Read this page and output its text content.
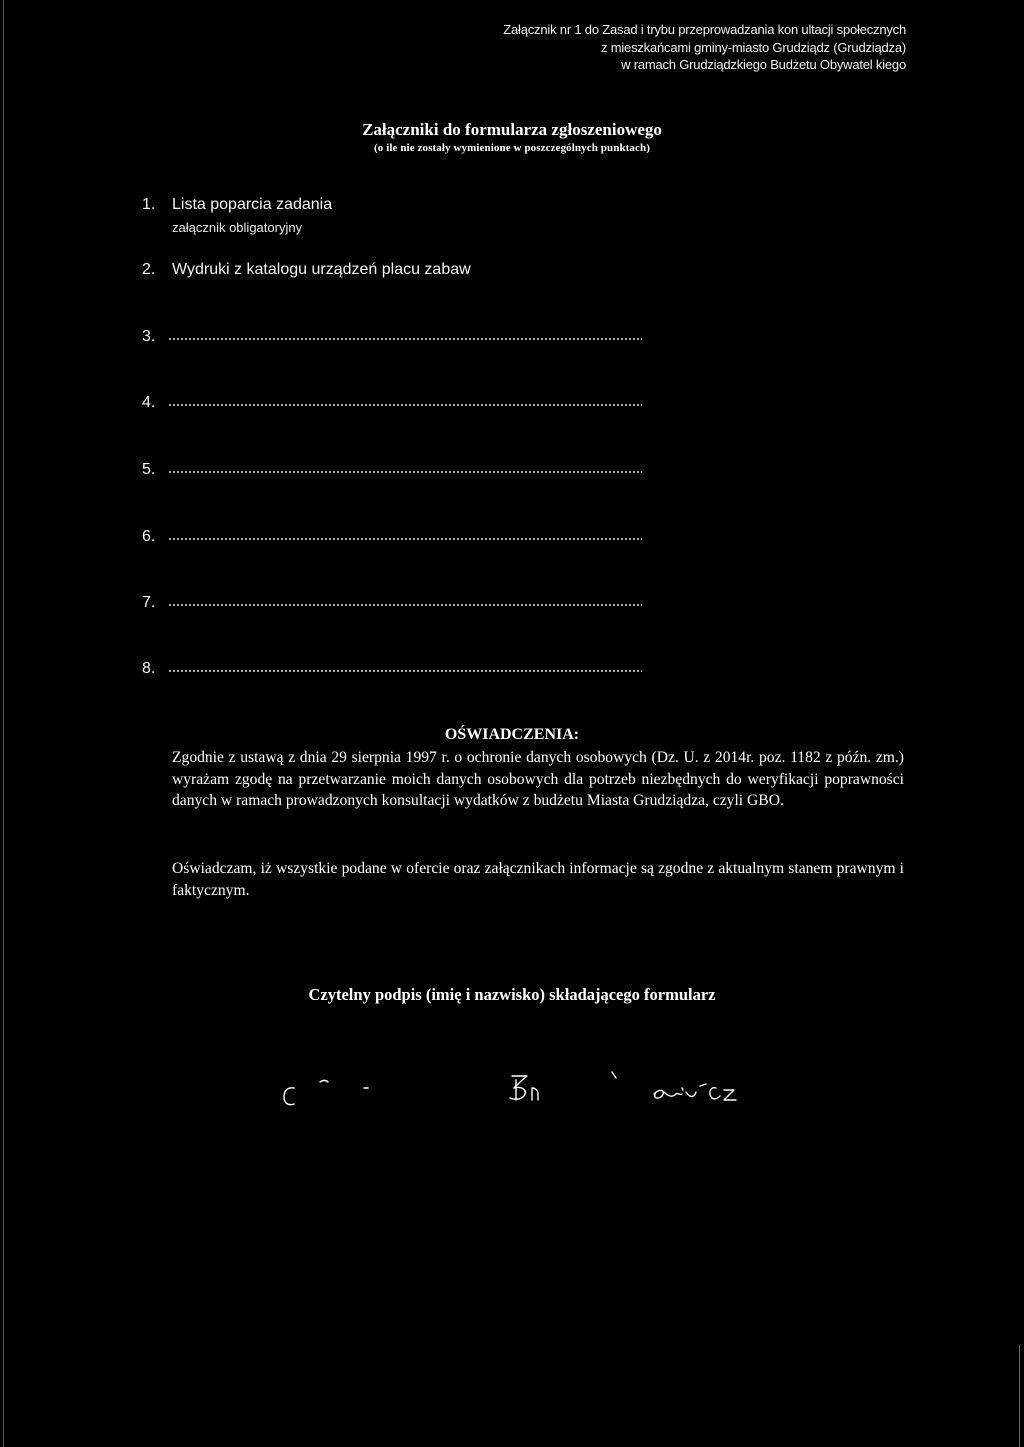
Załącznik nr 1 do Zasad i trybu przeprowadzania kon ultacji społecznych
z mieszkańcami gminy-miasto Grudziądz (Grudziądza)
w ramach Grudziądzkiego Budżetu Obywatel kiego
Załączniki do formularza zgłoszeniowego
(o ile nie zostały wymienione w poszczególnych punktach)
1. Lista poparcia zadania
załącznik obligatoryjny
2. Wydruki z katalogu urządzeń placu zabaw
3.
4.
5.
6.
7.
8.
OŚWIADCZENIA:
Zgodnie z ustawą z dnia 29 sierpnia 1997 r. o ochronie danych osobowych (Dz. U. z 2014r. poz. 1182 z późn. zm.) wyrażam zgodę na przetwarzanie moich danych osobowych dla potrzeb niezbędnych do weryfikacji poprawności danych w ramach prowadzonych konsultacji wydatków z budżetu Miasta Grudziądza, czyli GBO.
Oświadczam, iż wszystkie podane w ofercie oraz załącznikach informacje są zgodne z aktualnym stanem prawnym i faktycznym.
Czytelny podpis (imię i nazwisko) składającego formularz
